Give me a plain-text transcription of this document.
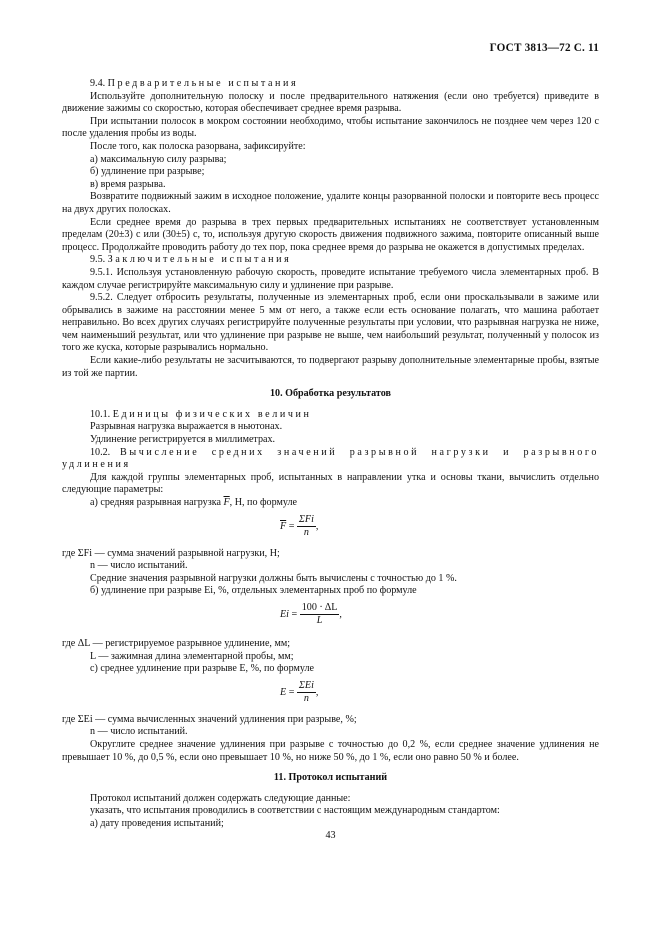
ГОСТ 3813—72 С. 11

9.4. Предварительные испытания

Используйте дополнительную полоску и после предварительного натяжения (если оно требуется) приведите в движение зажимы со скоростью, которая обеспечивает среднее время разрыва.

При испытании полосок в мокром состоянии необходимо, чтобы испытание закончилось не позднее чем через 120 с после удаления пробы из воды.

После того, как полоска разорвана, зафиксируйте:

а) максимальную силу разрыва;

б) удлинение при разрыве;

в) время разрыва.

Возвратите подвижный зажим в исходное положение, удалите концы разорванной полоски и повторите весь процесс на двух других полосках.

Если среднее время до разрыва в трех первых предварительных испытаниях не соответствует установленным пределам (20±3) с или (30±5) с, то, используя другую скорость движения подвижного зажима, повторите описанный выше процесс. Продолжайте проводить работу до тех пор, пока среднее время до разрыва не окажется в допустимых пределах.

9.5. Заключительные испытания

9.5.1. Используя установленную рабочую скорость, проведите испытание требуемого числа элементарных проб. В каждом случае регистрируйте максимальную силу и удлинение при разрыве.

9.5.2. Следует отбросить результаты, полученные из элементарных проб, если они проскальзывали в зажиме или обрывались в зажиме на расстоянии менее 5 мм от него, а также если есть основание полагать, что машина работает неправильно. Во всех других случаях регистрируйте полученные результаты при условии, что разрывная нагрузка не ниже, чем наименьший результат, или что удлинение при разрыве не выше, чем наибольший результат, полученный у полосок из того же куска, которые разрывались нормально.

Если какие-либо результаты не засчитываются, то подвергают разрыву дополнительные элементарные пробы, взятые из той же партии.

10. Обработка результатов

10.1. Единицы физических величин

Разрывная нагрузка выражается в ньютонах.

Удлинение регистрируется в миллиметрах.

10.2. Вычисление средних значений разрывной нагрузки и разрывного удлинения

Для каждой группы элементарных проб, испытанных в направлении утка и основы ткани, вычислить отдельно следующие параметры:

а) средняя разрывная нагрузка $\overline{F}$, Н, по формуле

$\overline{F} = \frac{\text{ΣFi}}{n}$ ,

где ΣFi — сумма значений разрывной нагрузки, Н;

n — число испытаний.

Средние значения разрывной нагрузки должны быть вычислены с точностью до 1 %.

б) удлинение при разрыве Ei, %, отдельных элементарных проб по формуле

$Ei = \frac{100 \cdot \Delta L}{L}$ ,

где ΔL — регистрируемое разрывное удлинение, мм;

L — зажимная длина элементарной пробы, мм;

с) среднее удлинение при разрыве E, %, по формуле

$E = \frac{\text{ΣEi}}{n}$ ,

где ΣEi — сумма вычисленных значений удлинения при разрыве, %;

n — число испытаний.

Округлите среднее значение удлинения при разрыве с точностью до 0,2 %, если среднее значение удлинения не превышает 10 %, до 0,5 %, если оно превышает 10 %, но ниже 50 %, до 1 %, если оно равно 50 % и более.

11. Протокол испытаний

Протокол испытаний должен содержать следующие данные:

указать, что испытания проводились в соответствии с настоящим международным стандартом:

а) дату проведения испытаний;

43
